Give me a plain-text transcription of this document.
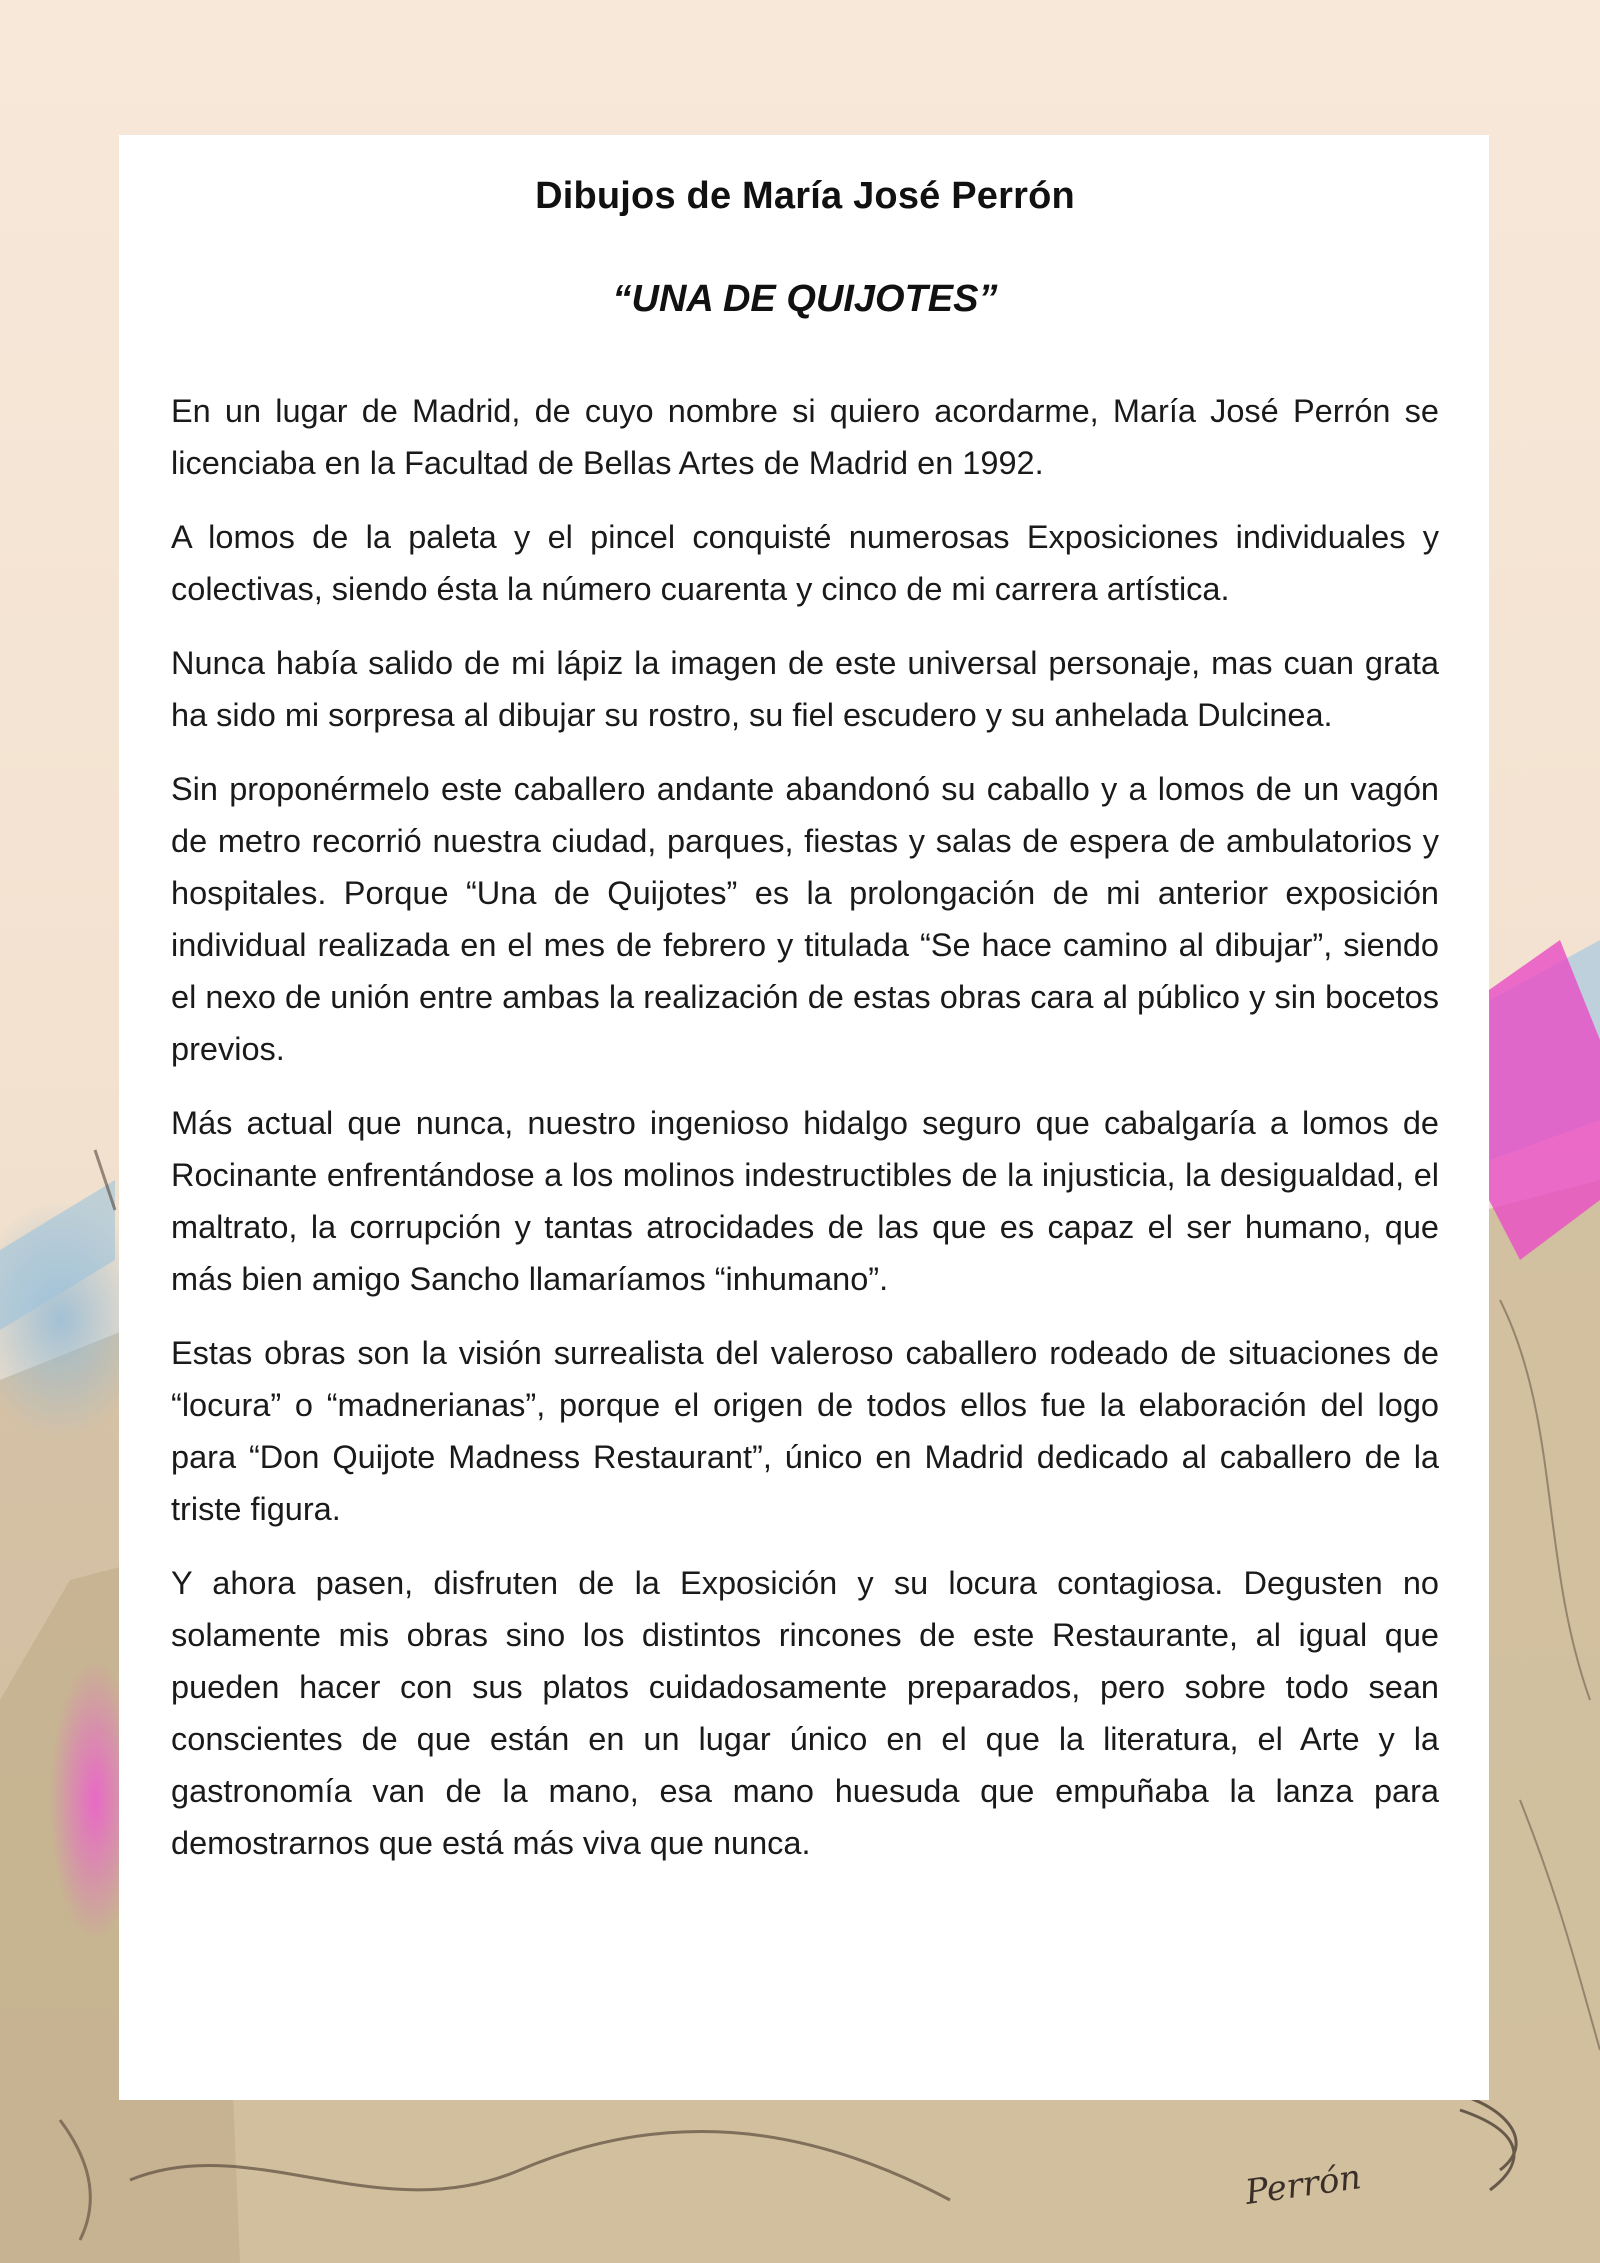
Dibujos de María José Perrón
“UNA DE QUIJOTES”

En un lugar de Madrid, de cuyo nombre si quiero acordarme, María José Perrón se licenciaba en la Facultad de Bellas Artes de Madrid en 1992.

A lomos de la paleta y el pincel conquisté numerosas Exposiciones individuales y colectivas, siendo ésta la número cuarenta y cinco de mi carrera artística.

Nunca había salido de mi lápiz la imagen de este universal personaje, mas cuan grata ha sido mi sorpresa al dibujar su rostro, su fiel escudero y su anhelada Dulcinea.

Sin proponérmelo este caballero andante abandonó su caballo y a lomos de un vagón de metro recorrió nuestra ciudad, parques, fiestas y salas de espera de ambulatorios y hospitales. Porque “Una de Quijotes” es la prolongación de mi anterior exposición individual realizada en el mes de febrero y titulada “Se hace camino al dibujar”, siendo el nexo de unión entre ambas la realización de estas obras cara al público y sin bocetos previos.

Más actual que nunca, nuestro ingenioso hidalgo seguro que cabalgaría a lomos de Rocinante enfrentándose a los molinos indestructibles de la injusticia, la desigualdad, el maltrato, la corrupción y tantas atrocidades de las que es capaz el ser humano, que más bien amigo Sancho llamaríamos “inhumano”.

Estas obras son la visión surrealista del valeroso caballero rodeado de situaciones de “locura” o “madnerianas”, porque el origen de todos ellos fue la elaboración del logo para “Don Quijote Madness Restaurant”, único en Madrid dedicado al caballero de la triste figura.

Y ahora pasen, disfruten de la Exposición y su locura contagiosa. Degusten no solamente mis obras sino los distintos rincones de este Restaurante, al igual que pueden hacer con sus platos cuidadosamente preparados, pero sobre todo sean conscientes de que están en un lugar único en el que la literatura, el Arte y la gastronomía van de la mano, esa mano huesuda que empuñaba la lanza para demostrarnos que está más viva que nunca.

Perrón
